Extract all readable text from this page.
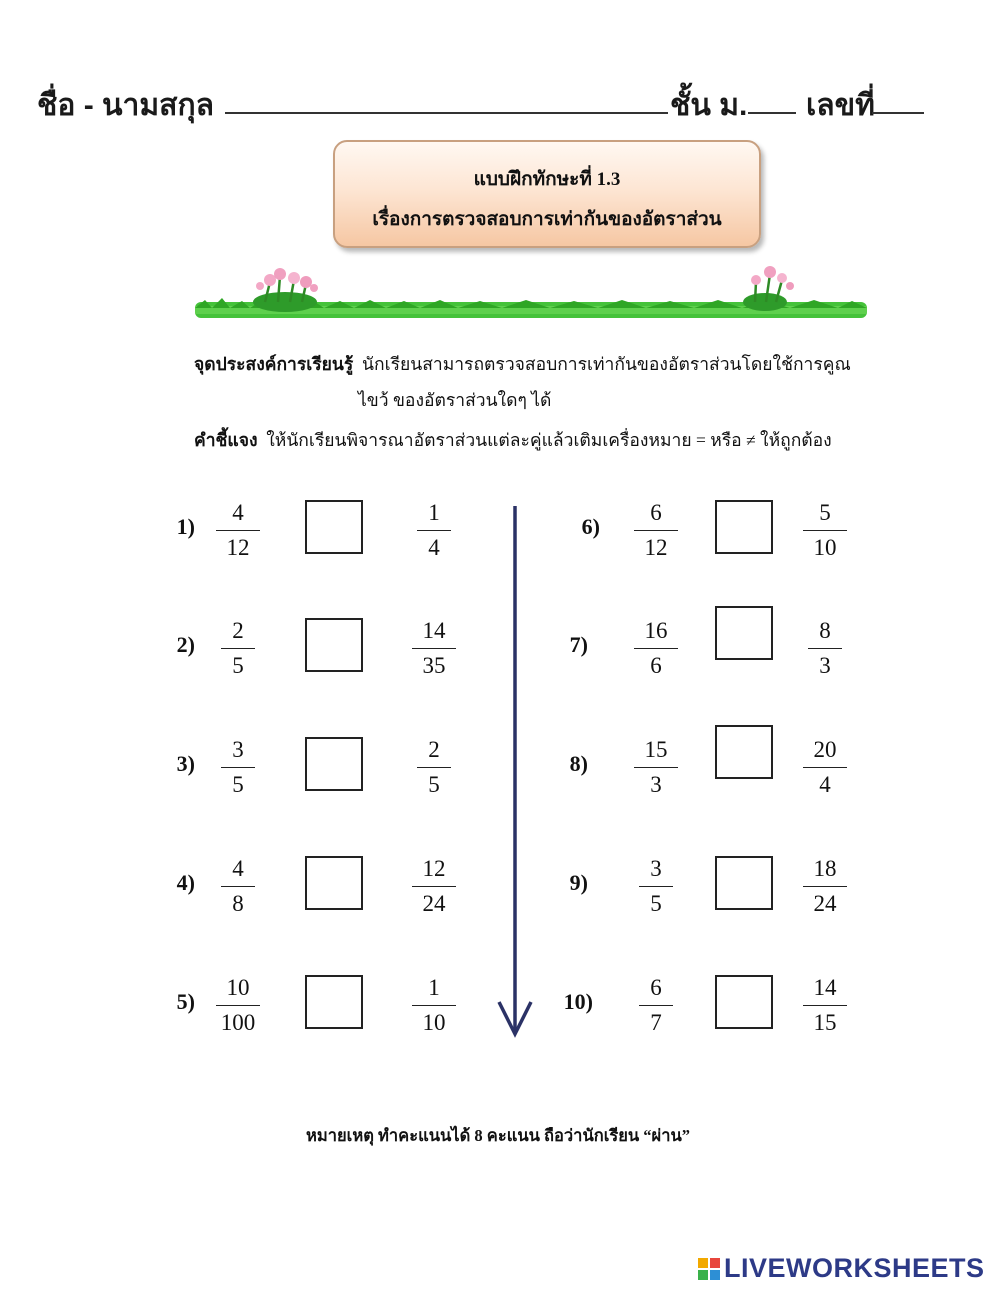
ชื่อ - นามสกุล	ชั้น ม. เลขที่
แบบฝึกทักษะที่ 1.3
เรื่องการตรวจสอบการเท่ากันของอัตราส่วน
จุดประสงค์การเรียนรู้ นักเรียนสามารถตรวจสอบการเท่ากันของอัตราส่วนโดยใช้การคูณ
ไขว้ ของอัตราส่วนใดๆ ได้
คำชี้แจง ให้นักเรียนพิจารณาอัตราส่วนแต่ละคู่แล้วเติมเครื่องหมาย = หรือ ≠ ให้ถูกต้อง
1)
4
12
1
4
2)
2
5
14
35
3)
3
5
2
5
4)
4
8
12
24
5)
10
100
1
10
6)
6
12
5
10
7)
16
6
8
3
8)
15
3
20
4
9)
3
5
18
24
10)
6
7
14
15
หมายเหตุ ทำคะแนนได้ 8 คะแนน ถือว่านักเรียน “ผ่าน”
LIVEWORKSHEETS
